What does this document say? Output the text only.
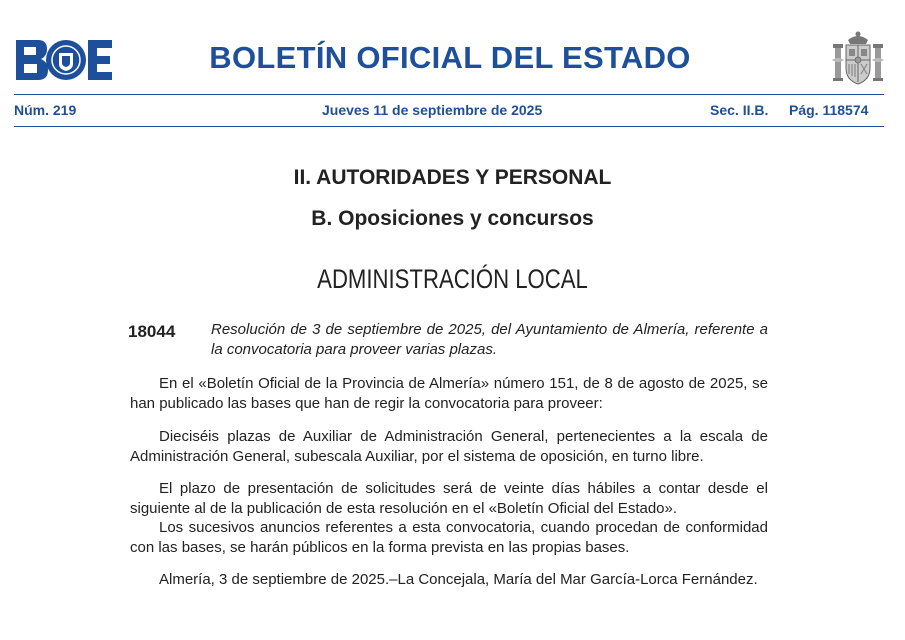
BOLETÍN OFICIAL DEL ESTADO
Núm. 219	Jueves 11 de septiembre de 2025	Sec. II.B. Pág. 118574
II. AUTORIDADES Y PERSONAL
B. Oposiciones y concursos
ADMINISTRACIÓN LOCAL
18044 Resolución de 3 de septiembre de 2025, del Ayuntamiento de Almería, referente a la convocatoria para proveer varias plazas.

En el «Boletín Oficial de la Provincia de Almería» número 151, de 8 de agosto de 2025, se han publicado las bases que han de regir la convocatoria para proveer:

Dieciséis plazas de Auxiliar de Administración General, pertenecientes a la escala de Administración General, subescala Auxiliar, por el sistema de oposición, en turno libre.

El plazo de presentación de solicitudes será de veinte días hábiles a contar desde el siguiente al de la publicación de esta resolución en el «Boletín Oficial del Estado».

Los sucesivos anuncios referentes a esta convocatoria, cuando procedan de conformidad con las bases, se harán públicos en la forma prevista en las propias bases.

Almería, 3 de septiembre de 2025.–La Concejala, María del Mar García-Lorca Fernández.
